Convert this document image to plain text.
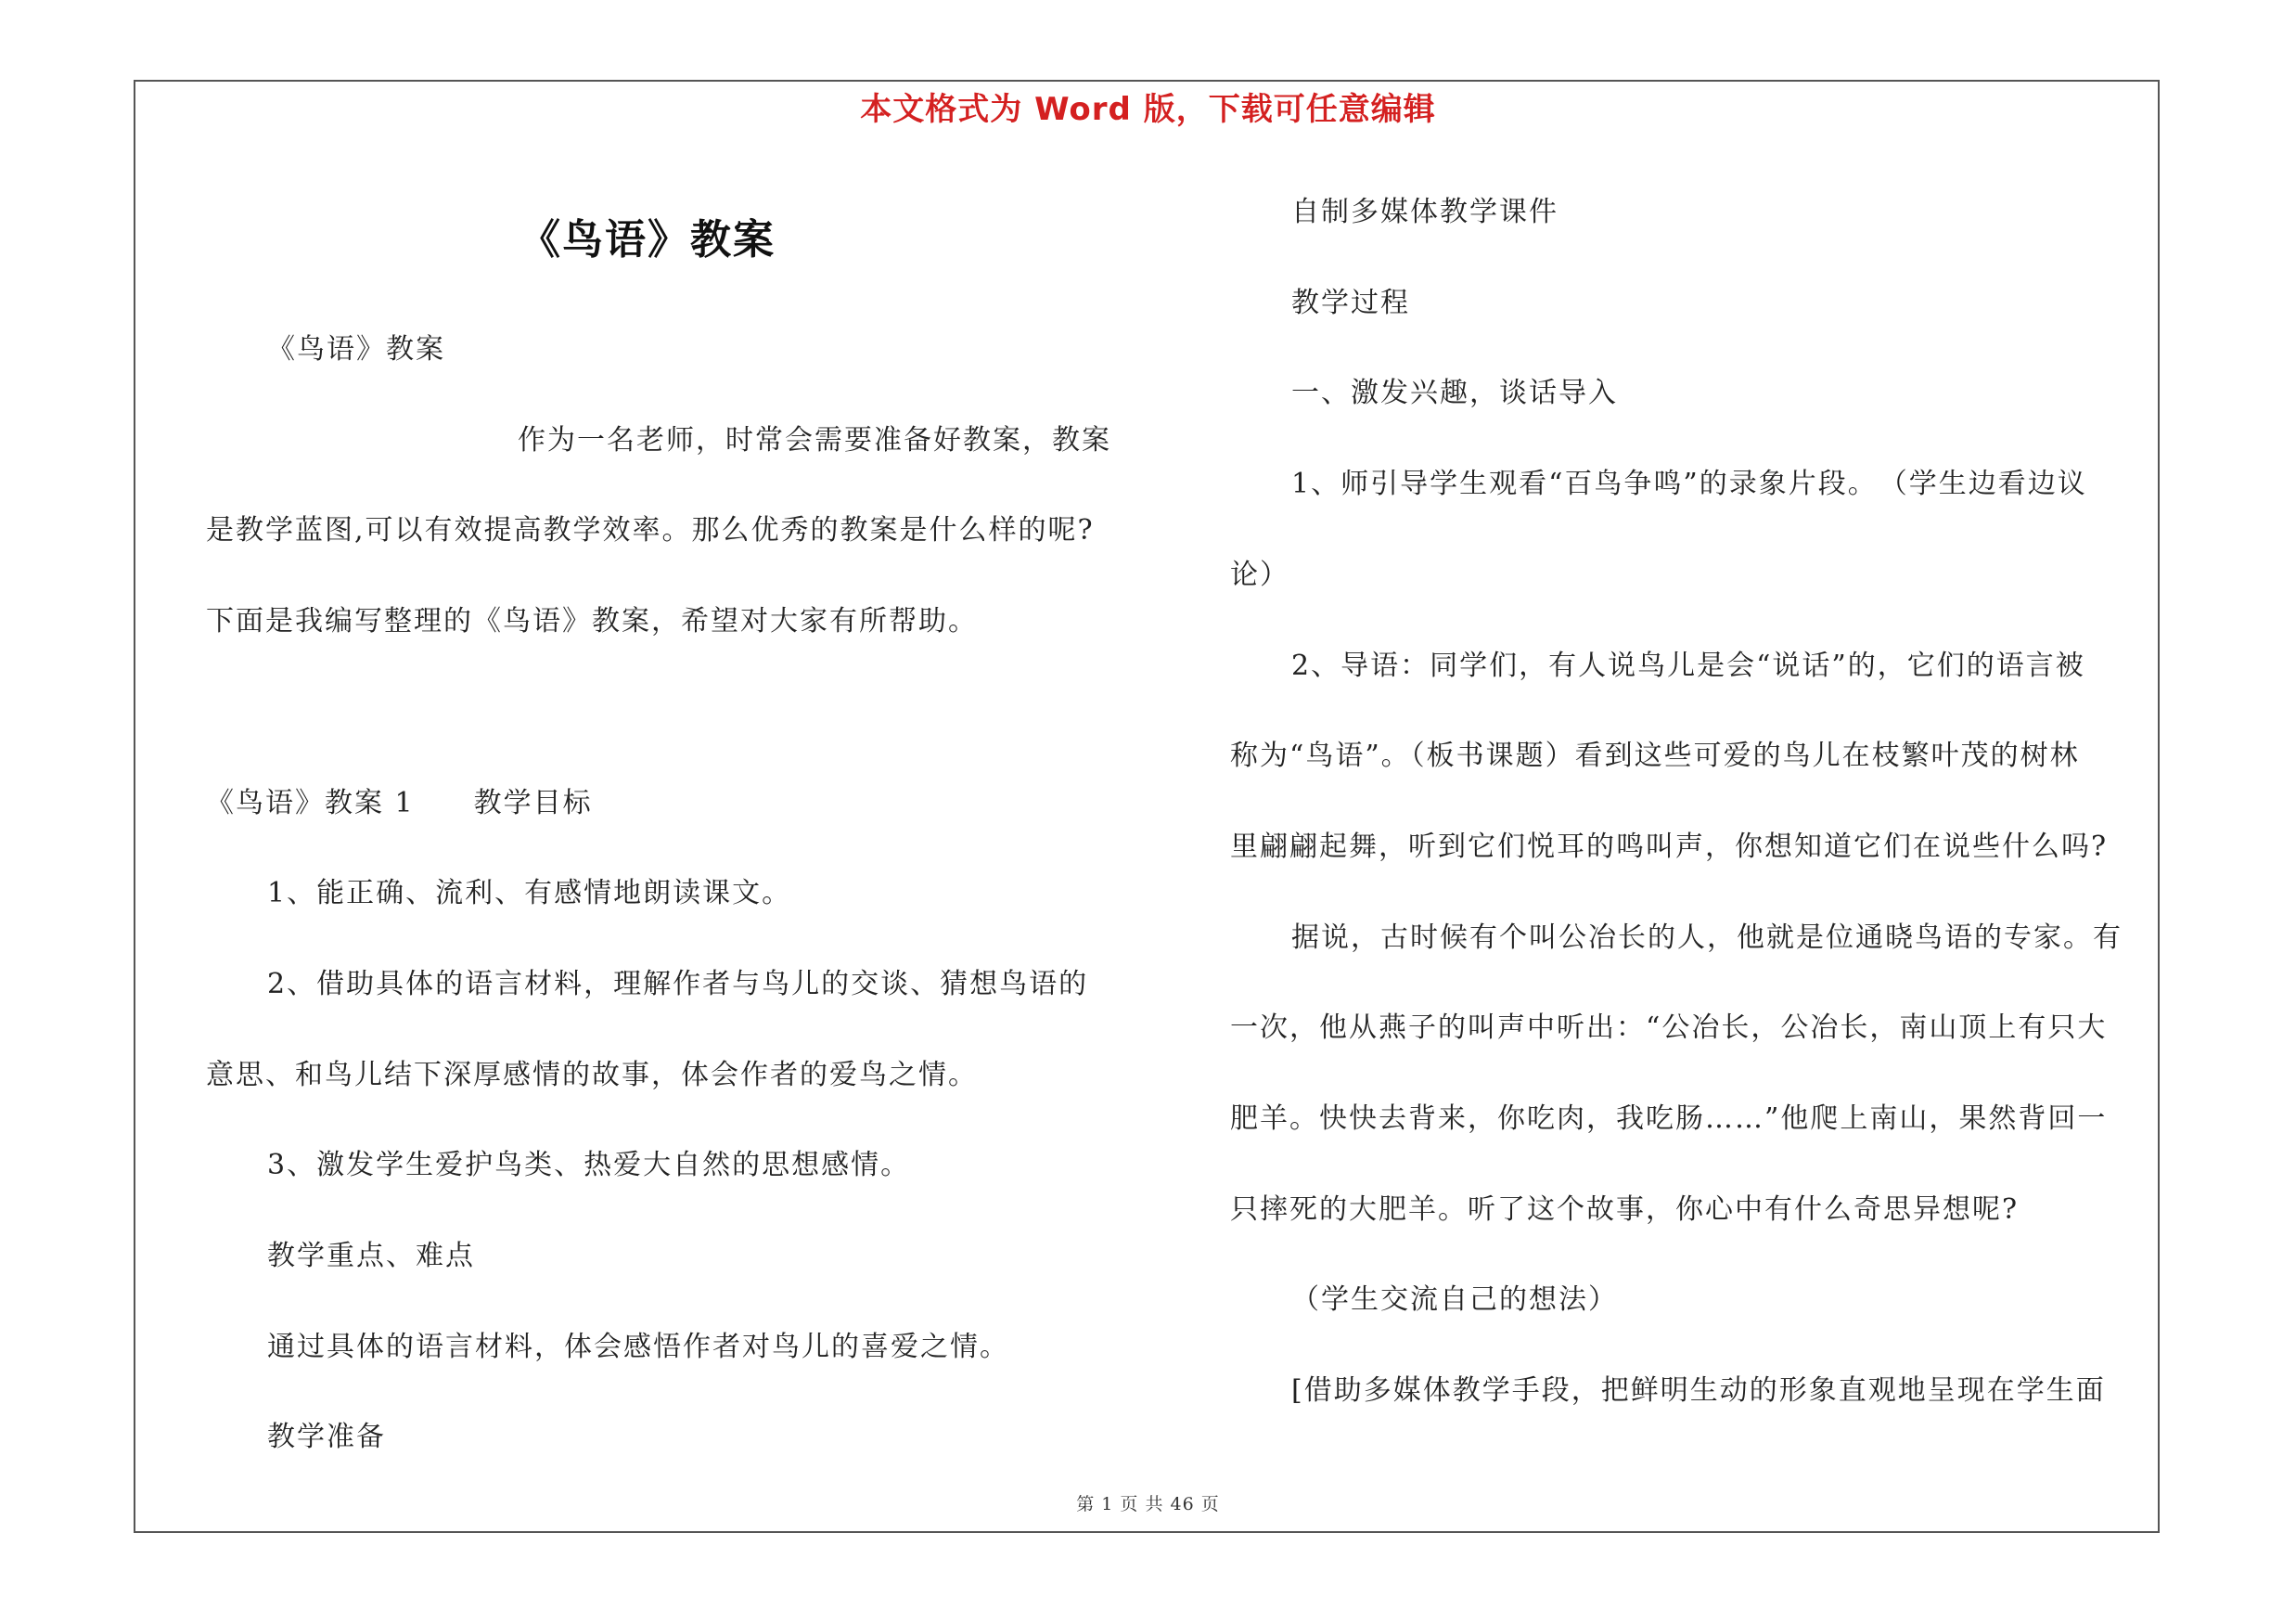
本文格式为 Word 版，下载可任意编辑
《鸟语》教案

《鸟语》教案

作为一名老师，时常会需要准备好教案，教案

是教学蓝图,可以有效提高教学效率。那么优秀的教案是什么样的呢?

下面是我编写整理的《鸟语》教案，希望对大家有所帮助。

《鸟语》教案 1　　教学目标

1、能正确、流利、有感情地朗读课文。

2、借助具体的语言材料，理解作者与鸟儿的交谈、猜想鸟语的

意思、和鸟儿结下深厚感情的故事，体会作者的爱鸟之情。

3、激发学生爱护鸟类、热爱大自然的思想感情。

教学重点、难点

通过具体的语言材料，体会感悟作者对鸟儿的喜爱之情。

教学准备

自制多媒体教学课件

教学过程

一、激发兴趣，谈话导入

1、师引导学生观看“百鸟争鸣”的录象片段。　（学生边看边议

论）

2、导语：同学们，有人说鸟儿是会“说话”的，它们的语言被

称为“鸟语”。（板书课题）看到这些可爱的鸟儿在枝繁叶茂的树林

里翩翩起舞，听到它们悦耳的鸣叫声，你想知道它们在说些什么吗?

据说，古时候有个叫公冶长的人，他就是位通晓鸟语的专家。有

一次，他从燕子的叫声中听出：“公冶长，公冶长，南山顶上有只大

肥羊。快快去背来，你吃肉，我吃肠……”他爬上南山，果然背回一

只摔死的大肥羊。听了这个故事，你心中有什么奇思异想呢?

（学生交流自己的想法）

[借助多媒体教学手段，把鲜明生动的形象直观地呈现在学生面

第 1 页 共 46 页
